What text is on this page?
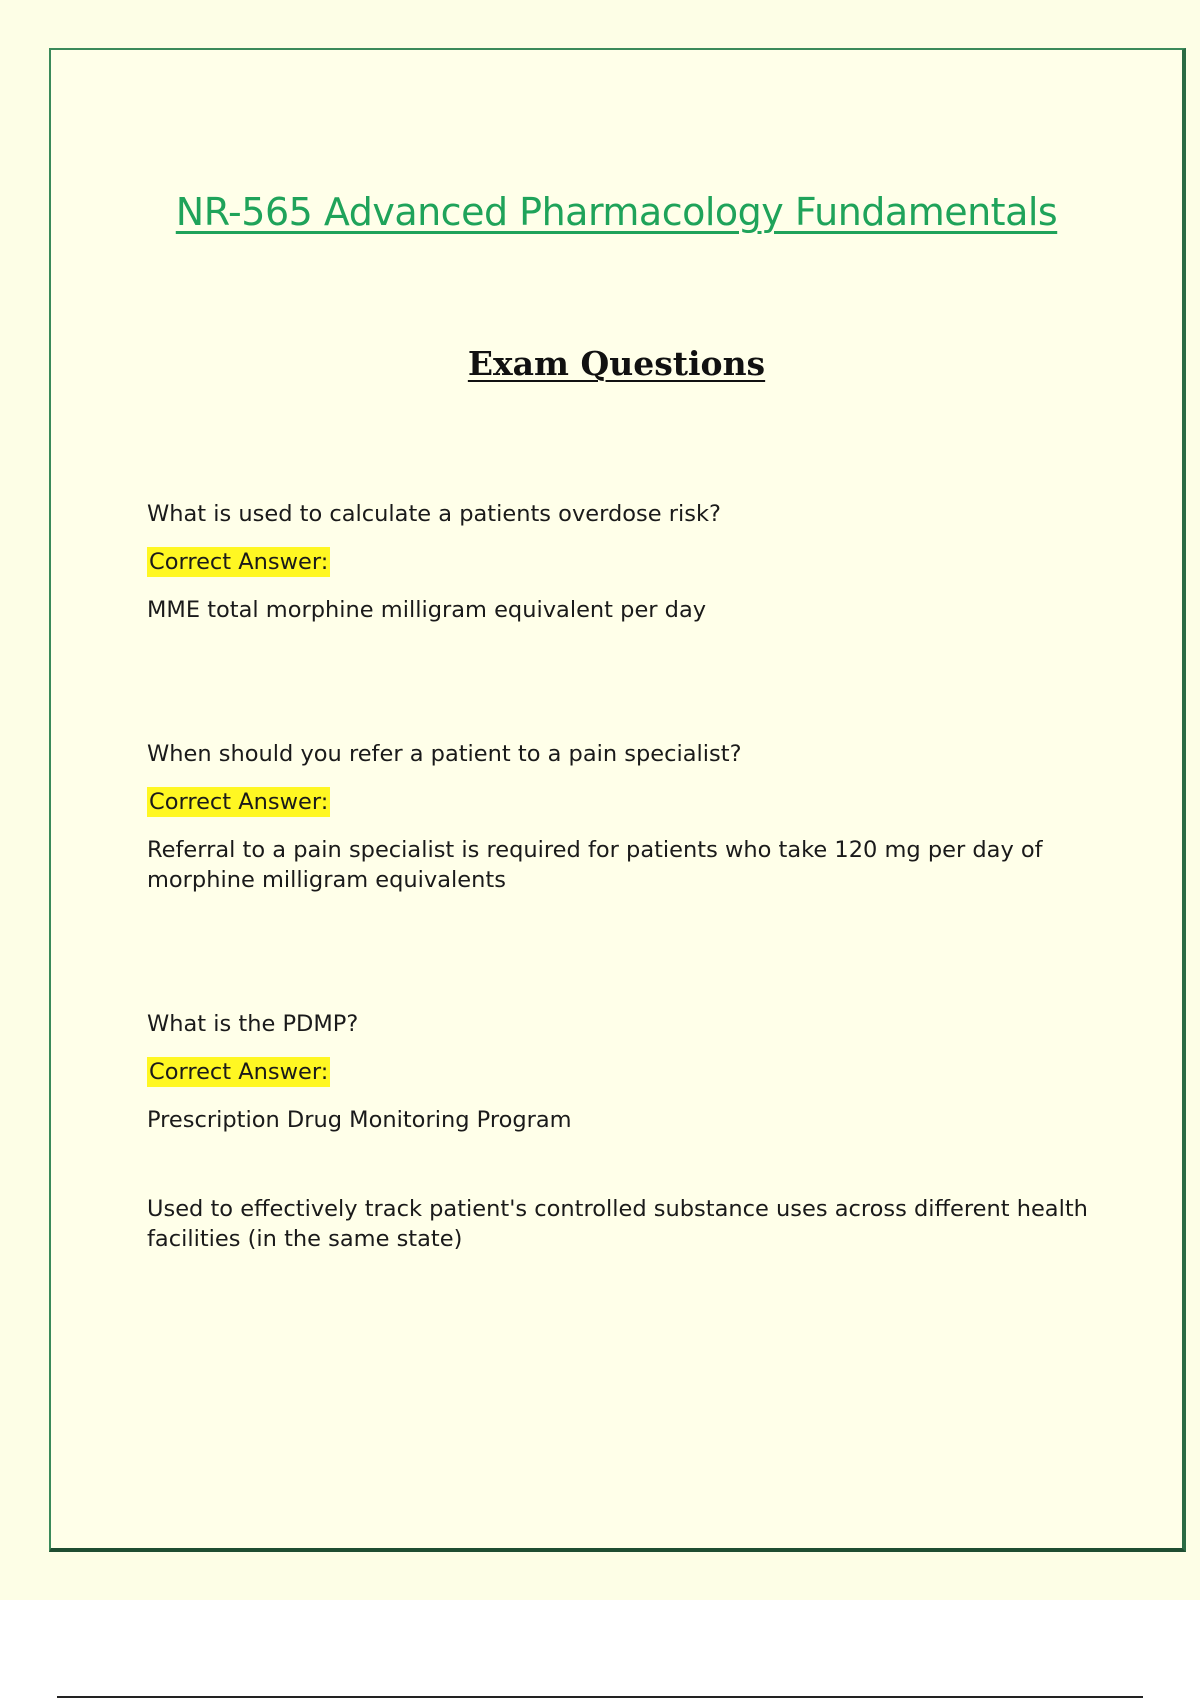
NR-565 Advanced Pharmacology Fundamentals
Exam Questions
What is used to calculate a patients overdose risk?
Correct Answer:
MME total morphine milligram equivalent per day
When should you refer a patient to a pain specialist?
Correct Answer:
Referral to a pain specialist is required for patients who take 120 mg per day of morphine milligram equivalents
What is the PDMP?
Correct Answer:
Prescription Drug Monitoring Program
Used to effectively track patient's controlled substance uses across different health facilities (in the same state)
